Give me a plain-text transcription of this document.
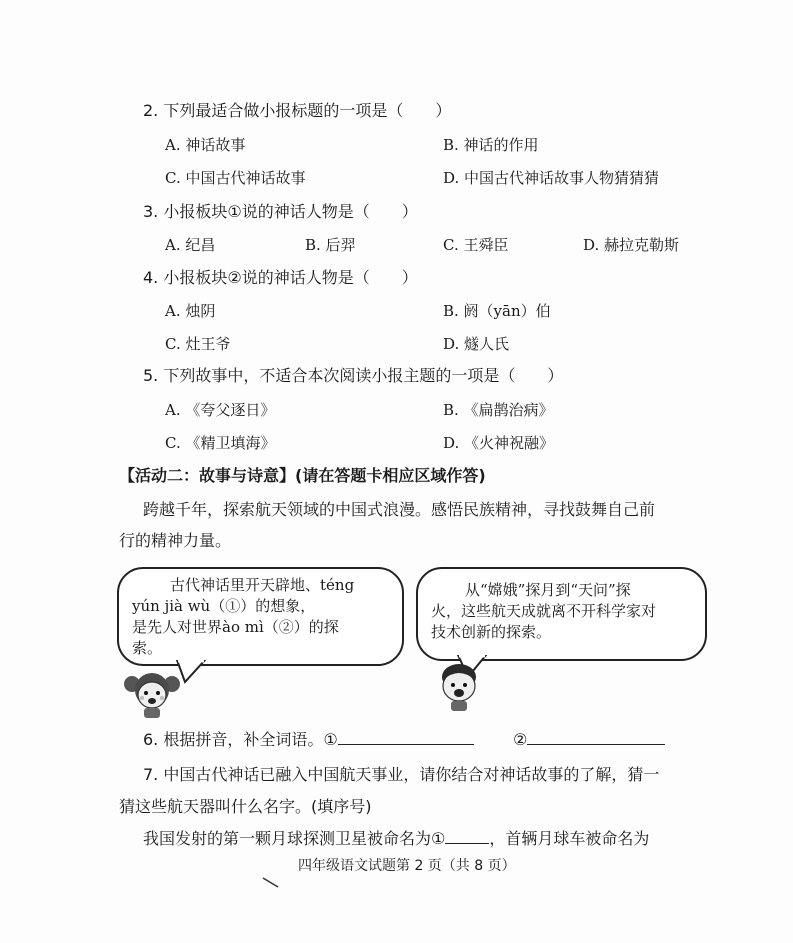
2. 下列最适合做小报标题的一项是（　　）
A. 神话故事	B. 神话的作用
C. 中国古代神话故事	D. 中国古代神话故事人物猜猜猜
3. 小报板块①说的神话人物是（　　）
A. 纪昌	B. 后羿	C. 王舜臣	D. 赫拉克勒斯
4. 小报板块②说的神话人物是（　　）
A. 烛阴	B. 阏（yān）伯
C. 灶王爷	D. 燧人氏
5. 下列故事中，不适合本次阅读小报主题的一项是（　　）
A. 《夸父逐日》	B. 《扁鹊治病》
C. 《精卫填海》	D. 《火神祝融》
【活动二：故事与诗意】(请在答题卡相应区域作答)
跨越千年，探索航天领域的中国式浪漫。感悟民族精神，寻找鼓舞自己前
行的精神力量。
古代神话里开天辟地、téng
yún jià wù（①）的想象，
是先人对世界ào mì（②）的探
索。
从“嫦娥”探月到“天问”探
火，这些航天成就离不开科学家对
技术创新的探索。
6. 根据拼音，补全词语。①	②
7. 中国古代神话已融入中国航天事业，请你结合对神话故事的了解，猜一
猜这些航天器叫什么名字。(填序号)
我国发射的第一颗月球探测卫星被命名为①	，首辆月球车被命名为
四年级语文试题第 2 页（共 8 页）
